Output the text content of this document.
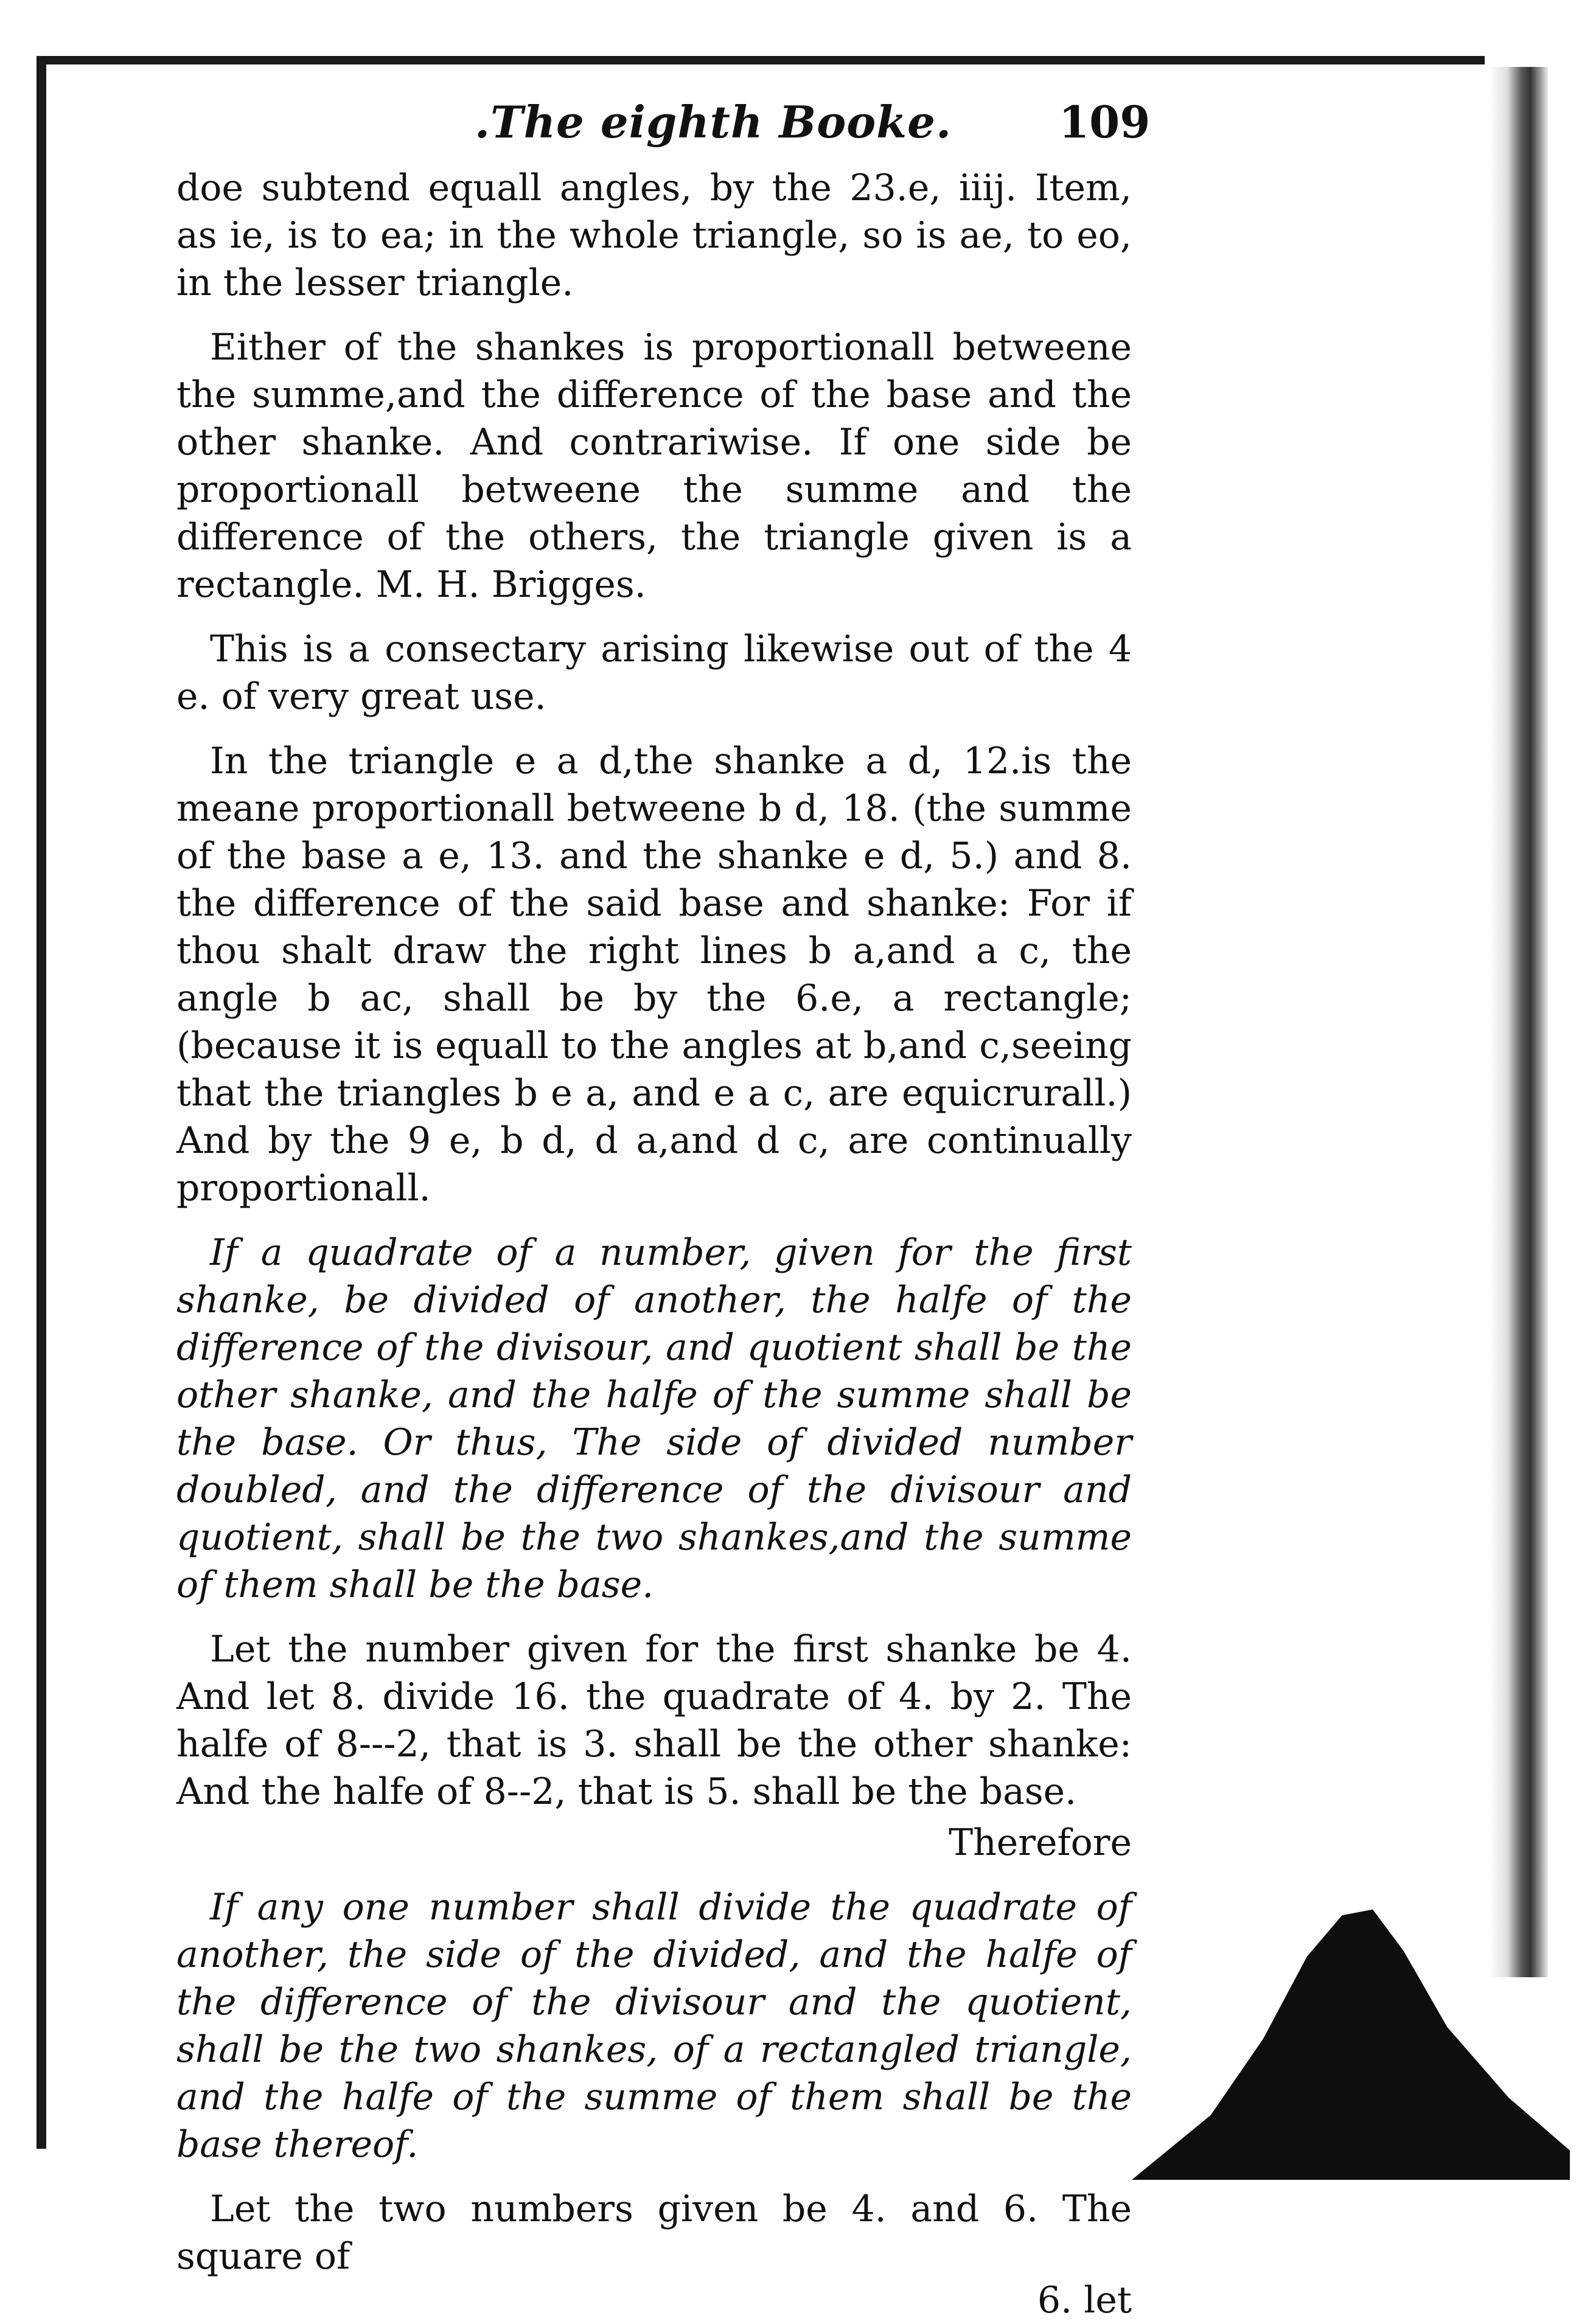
.The eighth Booke. 109

doe subtend equall angles, by the 23.e, iiij. Item, as ie, is to ea; in the whole triangle, so is ae, to eo, in the lesser triangle.

Either of the shankes is proportionall betweene the summe,and the difference of the base and the other shanke. And contrariwise. If one side be proportionall betweene the summe and the difference of the others, the triangle given is a rectangle. M. H. Brigges.

This is a consectary arising likewise out of the 4 e. of very great use.

In the triangle e a d,the shanke a d, 12.is the meane proportionall betweene b d, 18. (the summe of the base a e, 13. and the shanke e d, 5.) and 8. the difference of the said base and shanke: For if thou shalt draw the right lines b a,and a c, the angle b ac, shall be by the 6.e, a rectangle; (because it is equall to the angles at b,and c,seeing that the triangles b e a, and e a c, are equicrurall.) And by the 9 e, b d, d a,and d c, are continually proportionall.

If a quadrate of a number, given for the first shanke, be divided of another, the halfe of the difference of the divisour, and quotient shall be the other shanke, and the halfe of the summe shall be the base. Or thus, The side of divided number doubled, and the difference of the divisour and quotient, shall be the two shankes,and the summe of them shall be the base.

Let the number given for the first shanke be 4. And let 8. divide 16. the quadrate of 4. by 2. The halfe of 8---2, that is 3. shall be the other shanke: And the halfe of 8--2, that is 5. shall be the base.

Therefore

If any one number shall divide the quadrate of another, the side of the divided, and the halfe of the difference of the divisour and the quotient, shall be the two shankes, of a rectangled triangle, and the halfe of the summe of them shall be the base thereof.

Let the two numbers given be 4. and 6. The square of

6. let
